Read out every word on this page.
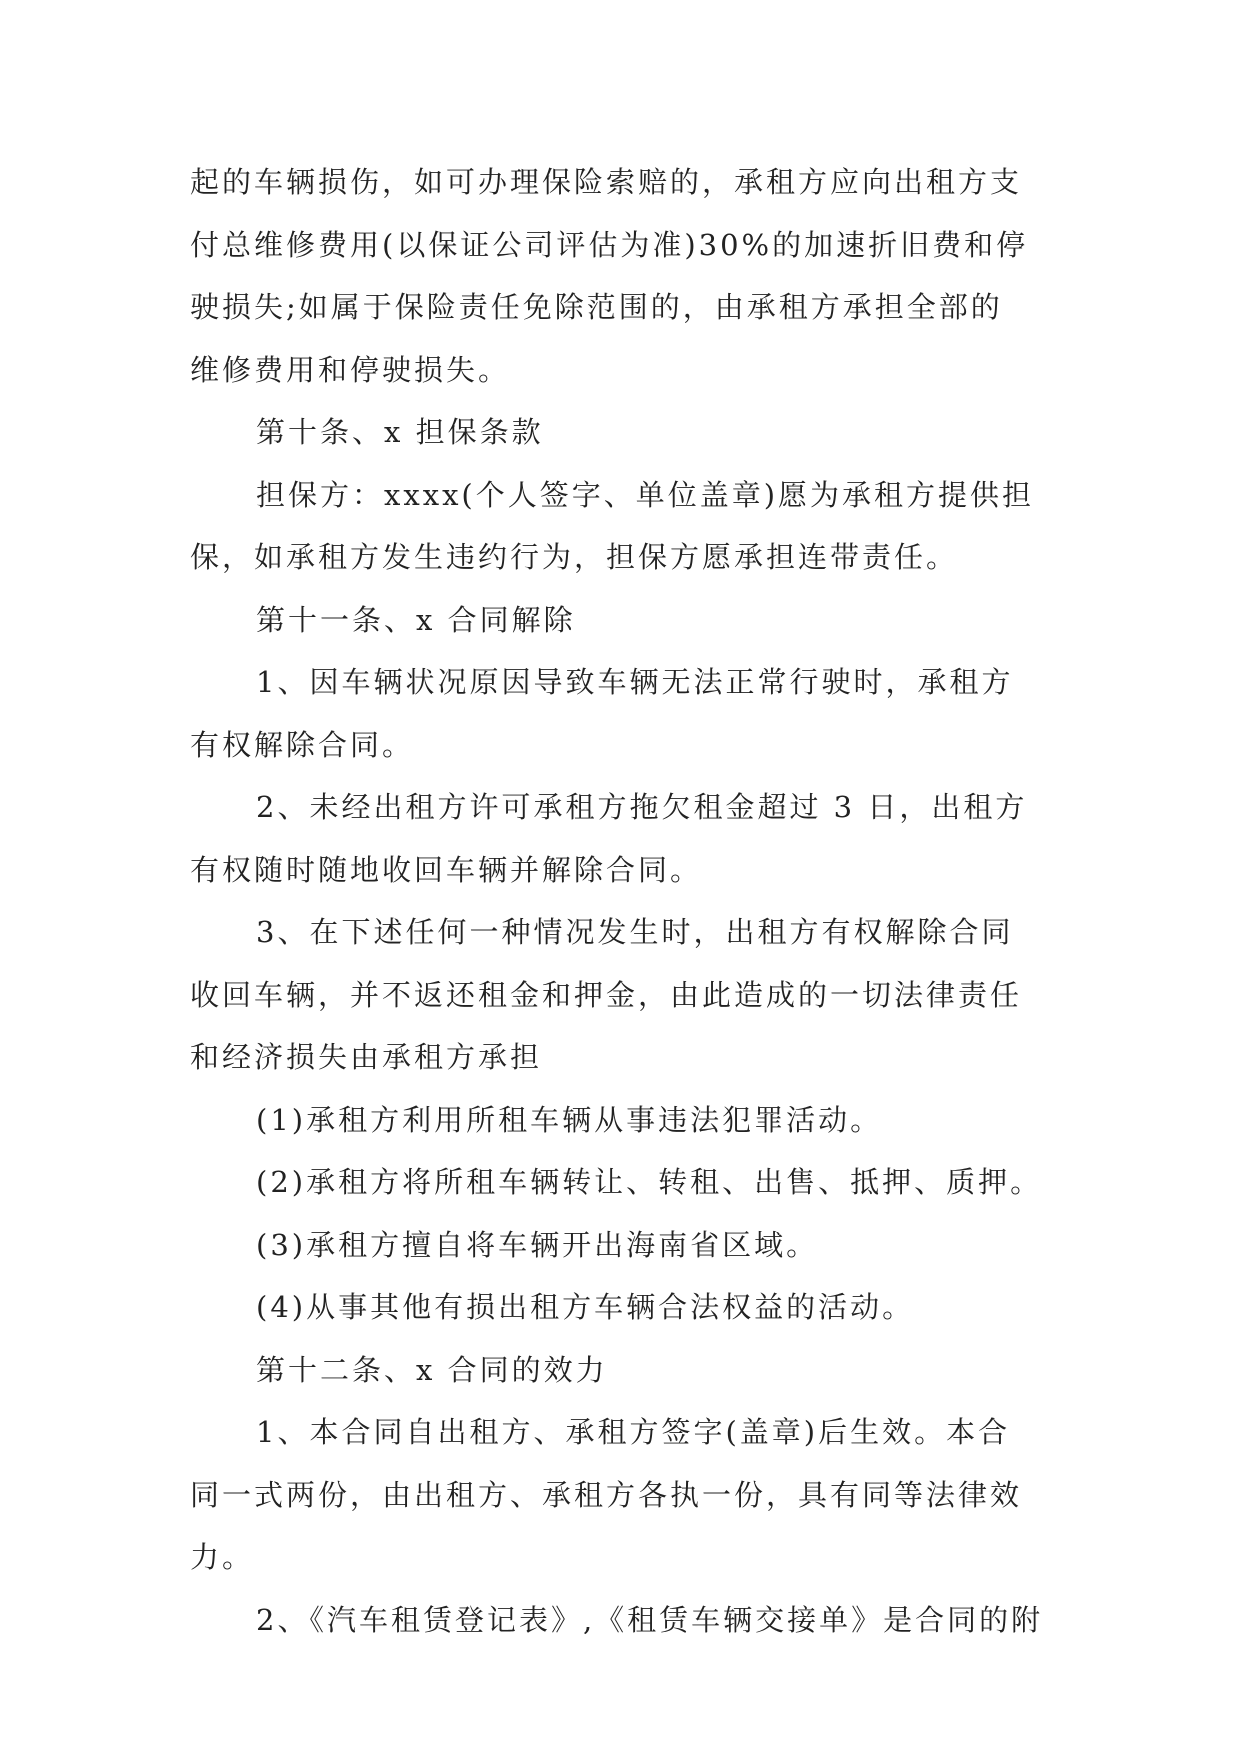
起的车辆损伤，如可办理保险索赔的，承租方应向出租方支
付总维修费用(以保证公司评估为准)30%的加速折旧费和停
驶损失;如属于保险责任免除范围的，由承租方承担全部的
维修费用和停驶损失。
第十条、x 担保条款
担保方：xxxx(个人签字、单位盖章)愿为承租方提供担
保，如承租方发生违约行为，担保方愿承担连带责任。
第十一条、x 合同解除
1、因车辆状况原因导致车辆无法正常行驶时，承租方
有权解除合同。
2、未经出租方许可承租方拖欠租金超过 3 日，出租方
有权随时随地收回车辆并解除合同。
3、在下述任何一种情况发生时，出租方有权解除合同
收回车辆，并不返还租金和押金，由此造成的一切法律责任
和经济损失由承租方承担
(1)承租方利用所租车辆从事违法犯罪活动。
(2)承租方将所租车辆转让、转租、出售、抵押、质押。
(3)承租方擅自将车辆开出海南省区域。
(4)从事其他有损出租方车辆合法权益的活动。
第十二条、x 合同的效力
1、本合同自出租方、承租方签字(盖章)后生效。本合
同一式两份，由出租方、承租方各执一份，具有同等法律效
力。
2、《汽车租赁登记表》,《租赁车辆交接单》是合同的附
